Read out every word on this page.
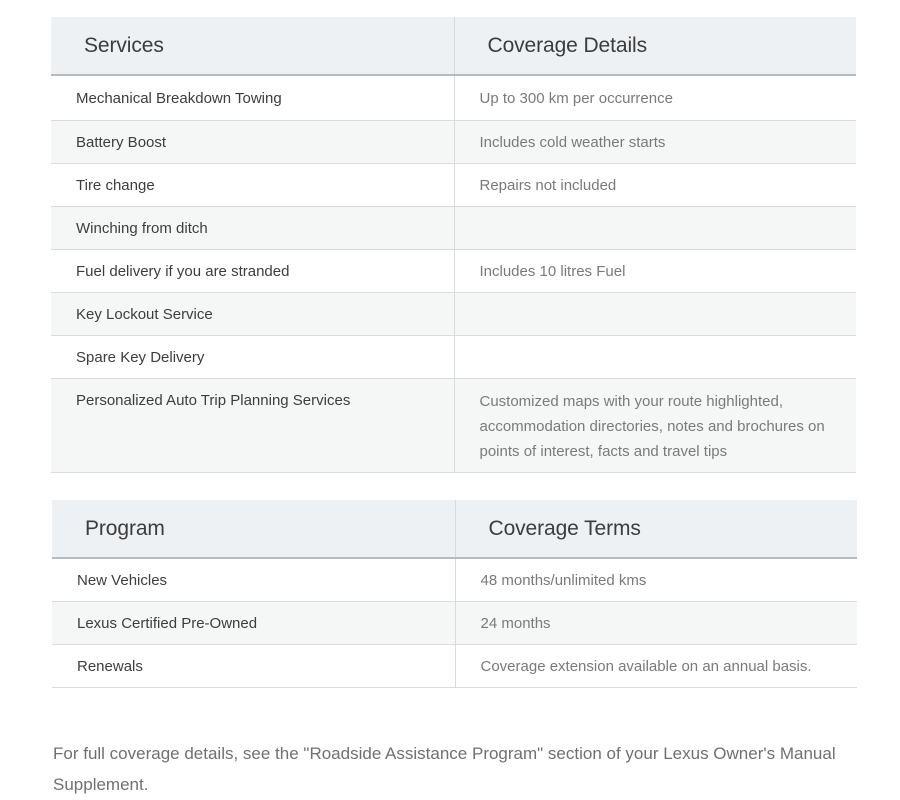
Services	Coverage Details
Mechanical Breakdown Towing	Up to 300 km per occurrence
Battery Boost	Includes cold weather starts
Tire change	Repairs not included
Winching from ditch	
Fuel delivery if you are stranded	Includes 10 litres Fuel
Key Lockout Service	
Spare Key Delivery	
Personalized Auto Trip Planning Services	Customized maps with your route highlighted, accommodation directories, notes and brochures on points of interest, facts and travel tips
Program	Coverage Terms
New Vehicles	48 months/unlimited kms
Lexus Certified Pre-Owned	24 months
Renewals	Coverage extension available on an annual basis.

For full coverage details, see the "Roadside Assistance Program" section of your Lexus Owner's Manual Supplement.
